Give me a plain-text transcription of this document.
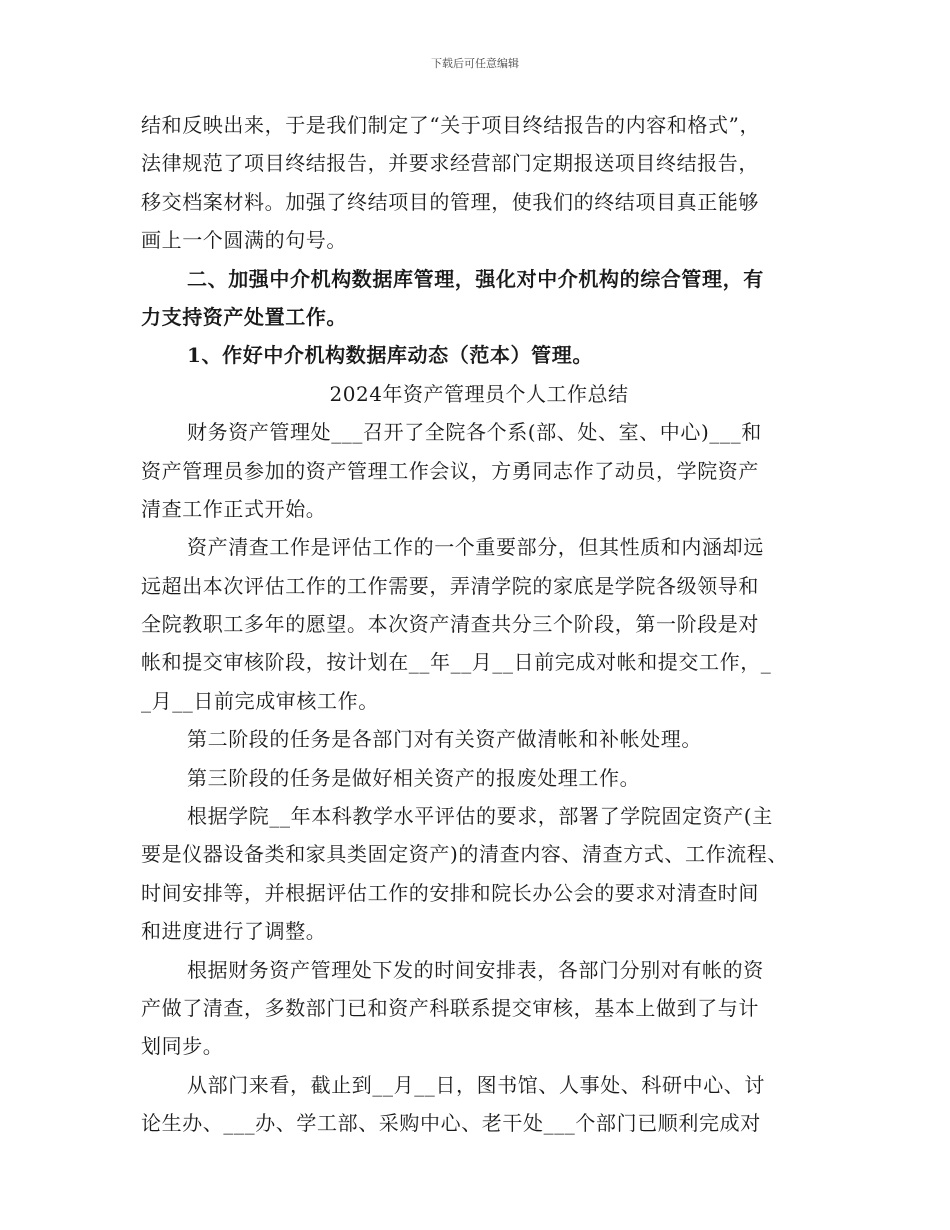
下载后可任意编辑
结和反映出来，于是我们制定了“关于项目终结报告的内容和格式”，
法律规范了项目终结报告，并要求经营部门定期报送项目终结报告，
移交档案材料。加强了终结项目的管理，使我们的终结项目真正能够
画上一个圆满的句号。
二、加强中介机构数据库管理，强化对中介机构的综合管理，有
力支持资产处置工作。
1、作好中介机构数据库动态（范本）管理。
2024年资产管理员个人工作总结
财务资产管理处___召开了全院各个系(部、处、室、中心)___和
资产管理员参加的资产管理工作会议，方勇同志作了动员，学院资产
清查工作正式开始。
资产清查工作是评估工作的一个重要部分，但其性质和内涵却远
远超出本次评估工作的工作需要，弄清学院的家底是学院各级领导和
全院教职工多年的愿望。本次资产清查共分三个阶段，第一阶段是对
帐和提交审核阶段，按计划在__年__月__日前完成对帐和提交工作，_
_月__日前完成审核工作。
第二阶段的任务是各部门对有关资产做清帐和补帐处理。
第三阶段的任务是做好相关资产的报废处理工作。
根据学院__年本科教学水平评估的要求，部署了学院固定资产(主
要是仪器设备类和家具类固定资产)的清查内容、清查方式、工作流程、
时间安排等，并根据评估工作的安排和院长办公会的要求对清查时间
和进度进行了调整。
根据财务资产管理处下发的时间安排表，各部门分别对有帐的资
产做了清查，多数部门已和资产科联系提交审核，基本上做到了与计
划同步。
从部门来看，截止到__月__日，图书馆、人事处、科研中心、讨
论生办、___办、学工部、采购中心、老干处___个部门已顺利完成对
